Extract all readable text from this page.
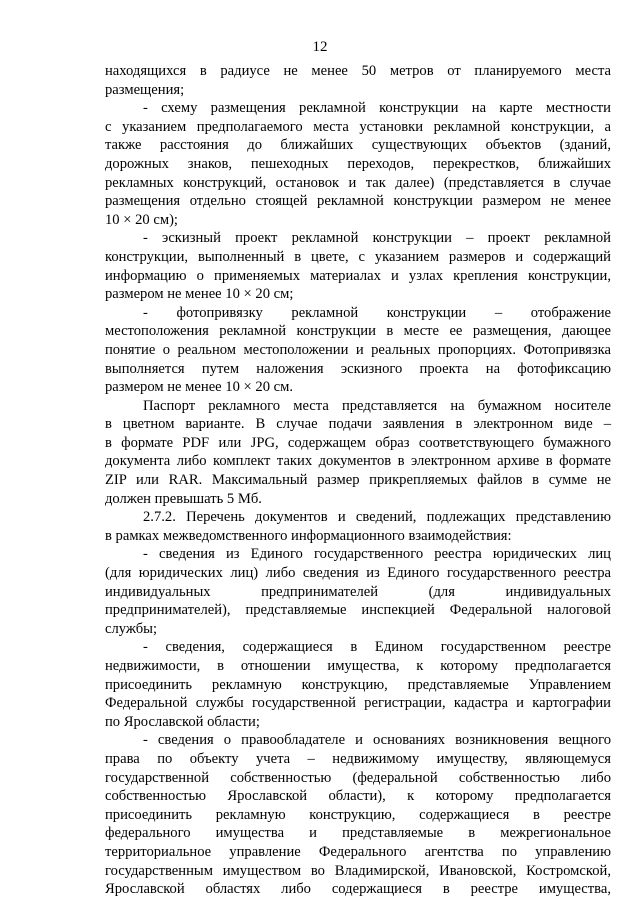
12
находящихся в радиусе не менее 50 метров от планируемого места
размещения;
- схему размещения рекламной конструкции на карте местности
с указанием предполагаемого места установки рекламной конструкции, а
также расстояния до ближайших существующих объектов (зданий,
дорожных знаков, пешеходных переходов, перекрестков, ближайших
рекламных конструкций, остановок и так далее) (представляется в случае
размещения отдельно стоящей рекламной конструкции размером не менее
10 × 20 см);
- эскизный проект рекламной конструкции – проект рекламной
конструкции, выполненный в цвете, с указанием размеров и содержащий
информацию о применяемых материалах и узлах крепления конструкции,
размером не менее 10 × 20 см;
- фотопривязку рекламной конструкции – отображение
местоположения рекламной конструкции в месте ее размещения, дающее
понятие о реальном местоположении и реальных пропорциях. Фотопривязка
выполняется путем наложения эскизного проекта на фотофиксацию
размером не менее 10 × 20 см.
Паспорт рекламного места представляется на бумажном носителе
в цветном варианте. В случае подачи заявления в электронном виде –
в формате PDF или JPG, содержащем образ соответствующего бумажного
документа либо комплект таких документов в электронном архиве в формате
ZIP или RAR. Максимальный размер прикрепляемых файлов в сумме не
должен превышать 5 Мб.
2.7.2. Перечень документов и сведений, подлежащих представлению
в рамках межведомственного информационного взаимодействия:
- сведения из Единого государственного реестра юридических лиц
(для юридических лиц) либо сведения из Единого государственного реестра
индивидуальных предпринимателей (для индивидуальных
предпринимателей), представляемые инспекцией Федеральной налоговой
службы;
- сведения, содержащиеся в Едином государственном реестре
недвижимости, в отношении имущества, к которому предполагается
присоединить рекламную конструкцию, представляемые Управлением
Федеральной службы государственной регистрации, кадастра и картографии
по Ярославской области;
- сведения о правообладателе и основаниях возникновения вещного
права по объекту учета – недвижимому имуществу, являющемуся
государственной собственностью (федеральной собственностью либо
собственностью Ярославской области), к которому предполагается
присоединить рекламную конструкцию, содержащиеся в реестре
федерального имущества и представляемые в межрегиональное
территориальное управление Федерального агентства по управлению
государственным имуществом во Владимирской, Ивановской, Костромской,
Ярославской областях либо содержащиеся в реестре имущества,
